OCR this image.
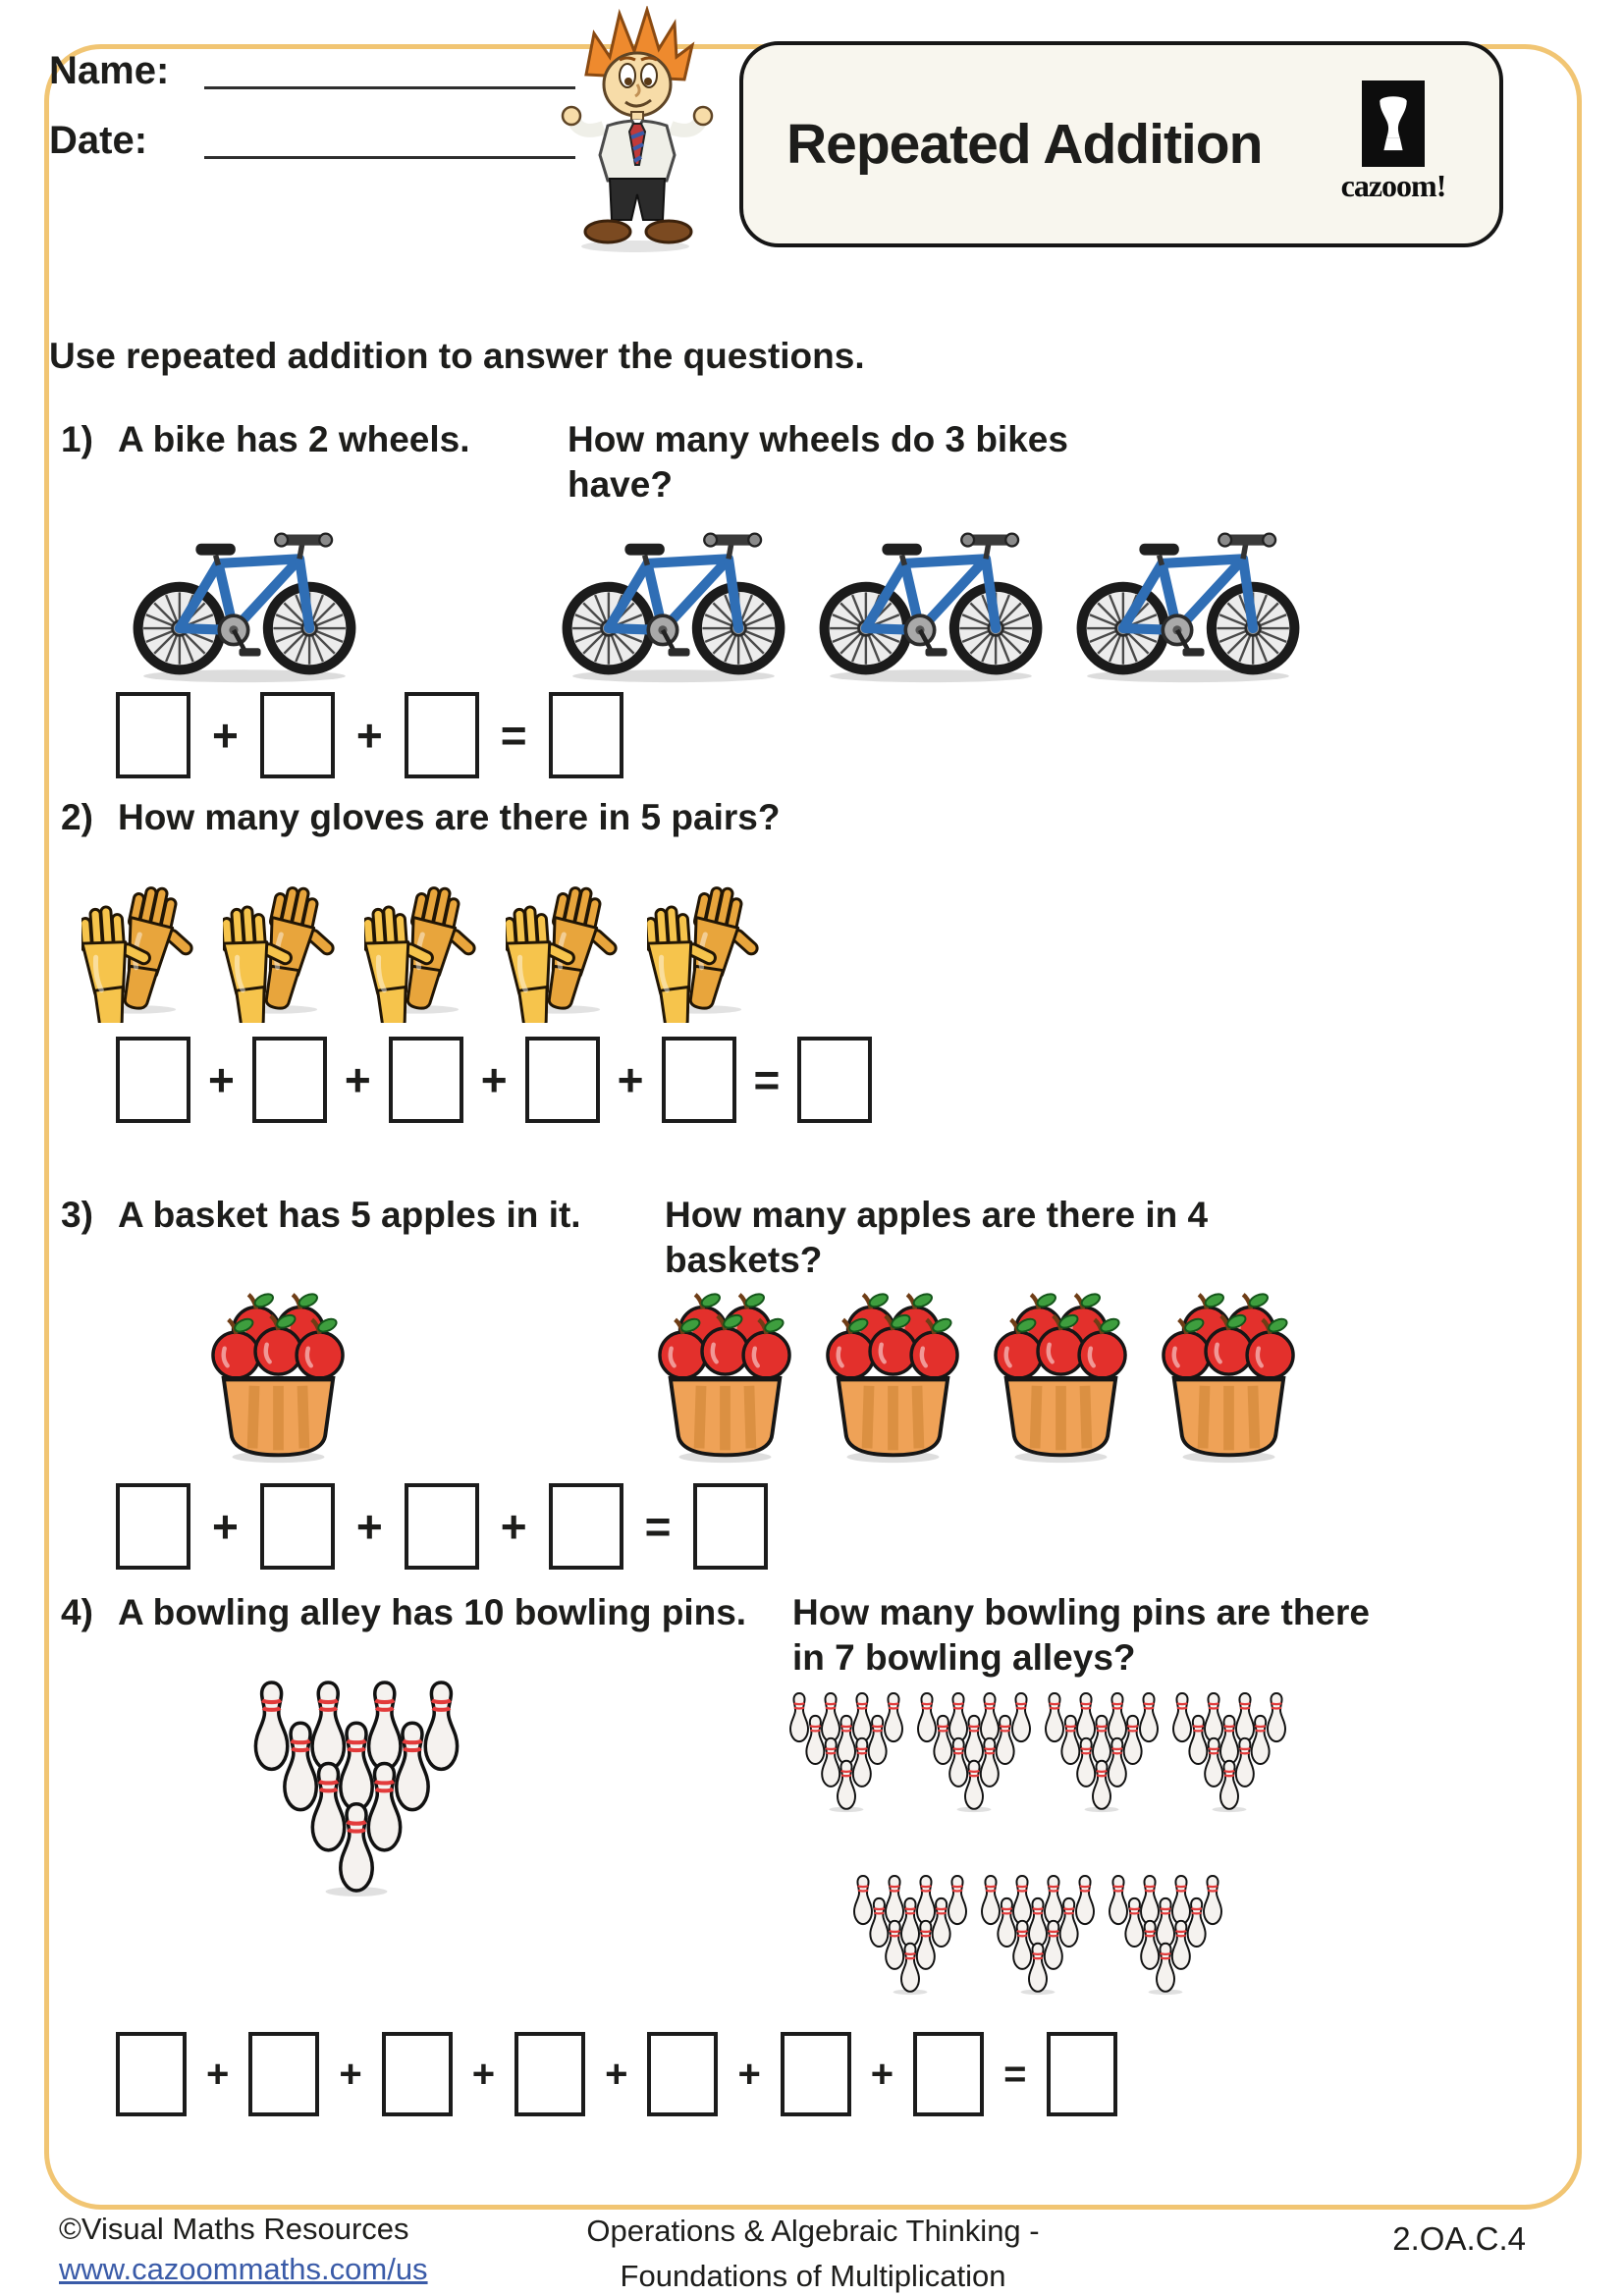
Name:
Date:	Repeated Addition
cazoom!
Use repeated addition to answer the questions.
1) A bike has 2 wheels.	How many wheels do 3 bikes have?
+	+	=
2) How many gloves are there in 5 pairs?
+ + + + =
3) A basket has 5 apples in it.	How many apples are there in 4 baskets?
+	+	+	=
4) A bowling alley has 10 bowling pins.	How many bowling pins are there in 7 bowling alleys?
+	+	+	+	+	+	=
©Visual Maths Resources
www.cazoommaths.com/us
Operations & Algebraic Thinking -
Foundations of Multiplication
2.OA.C.4
